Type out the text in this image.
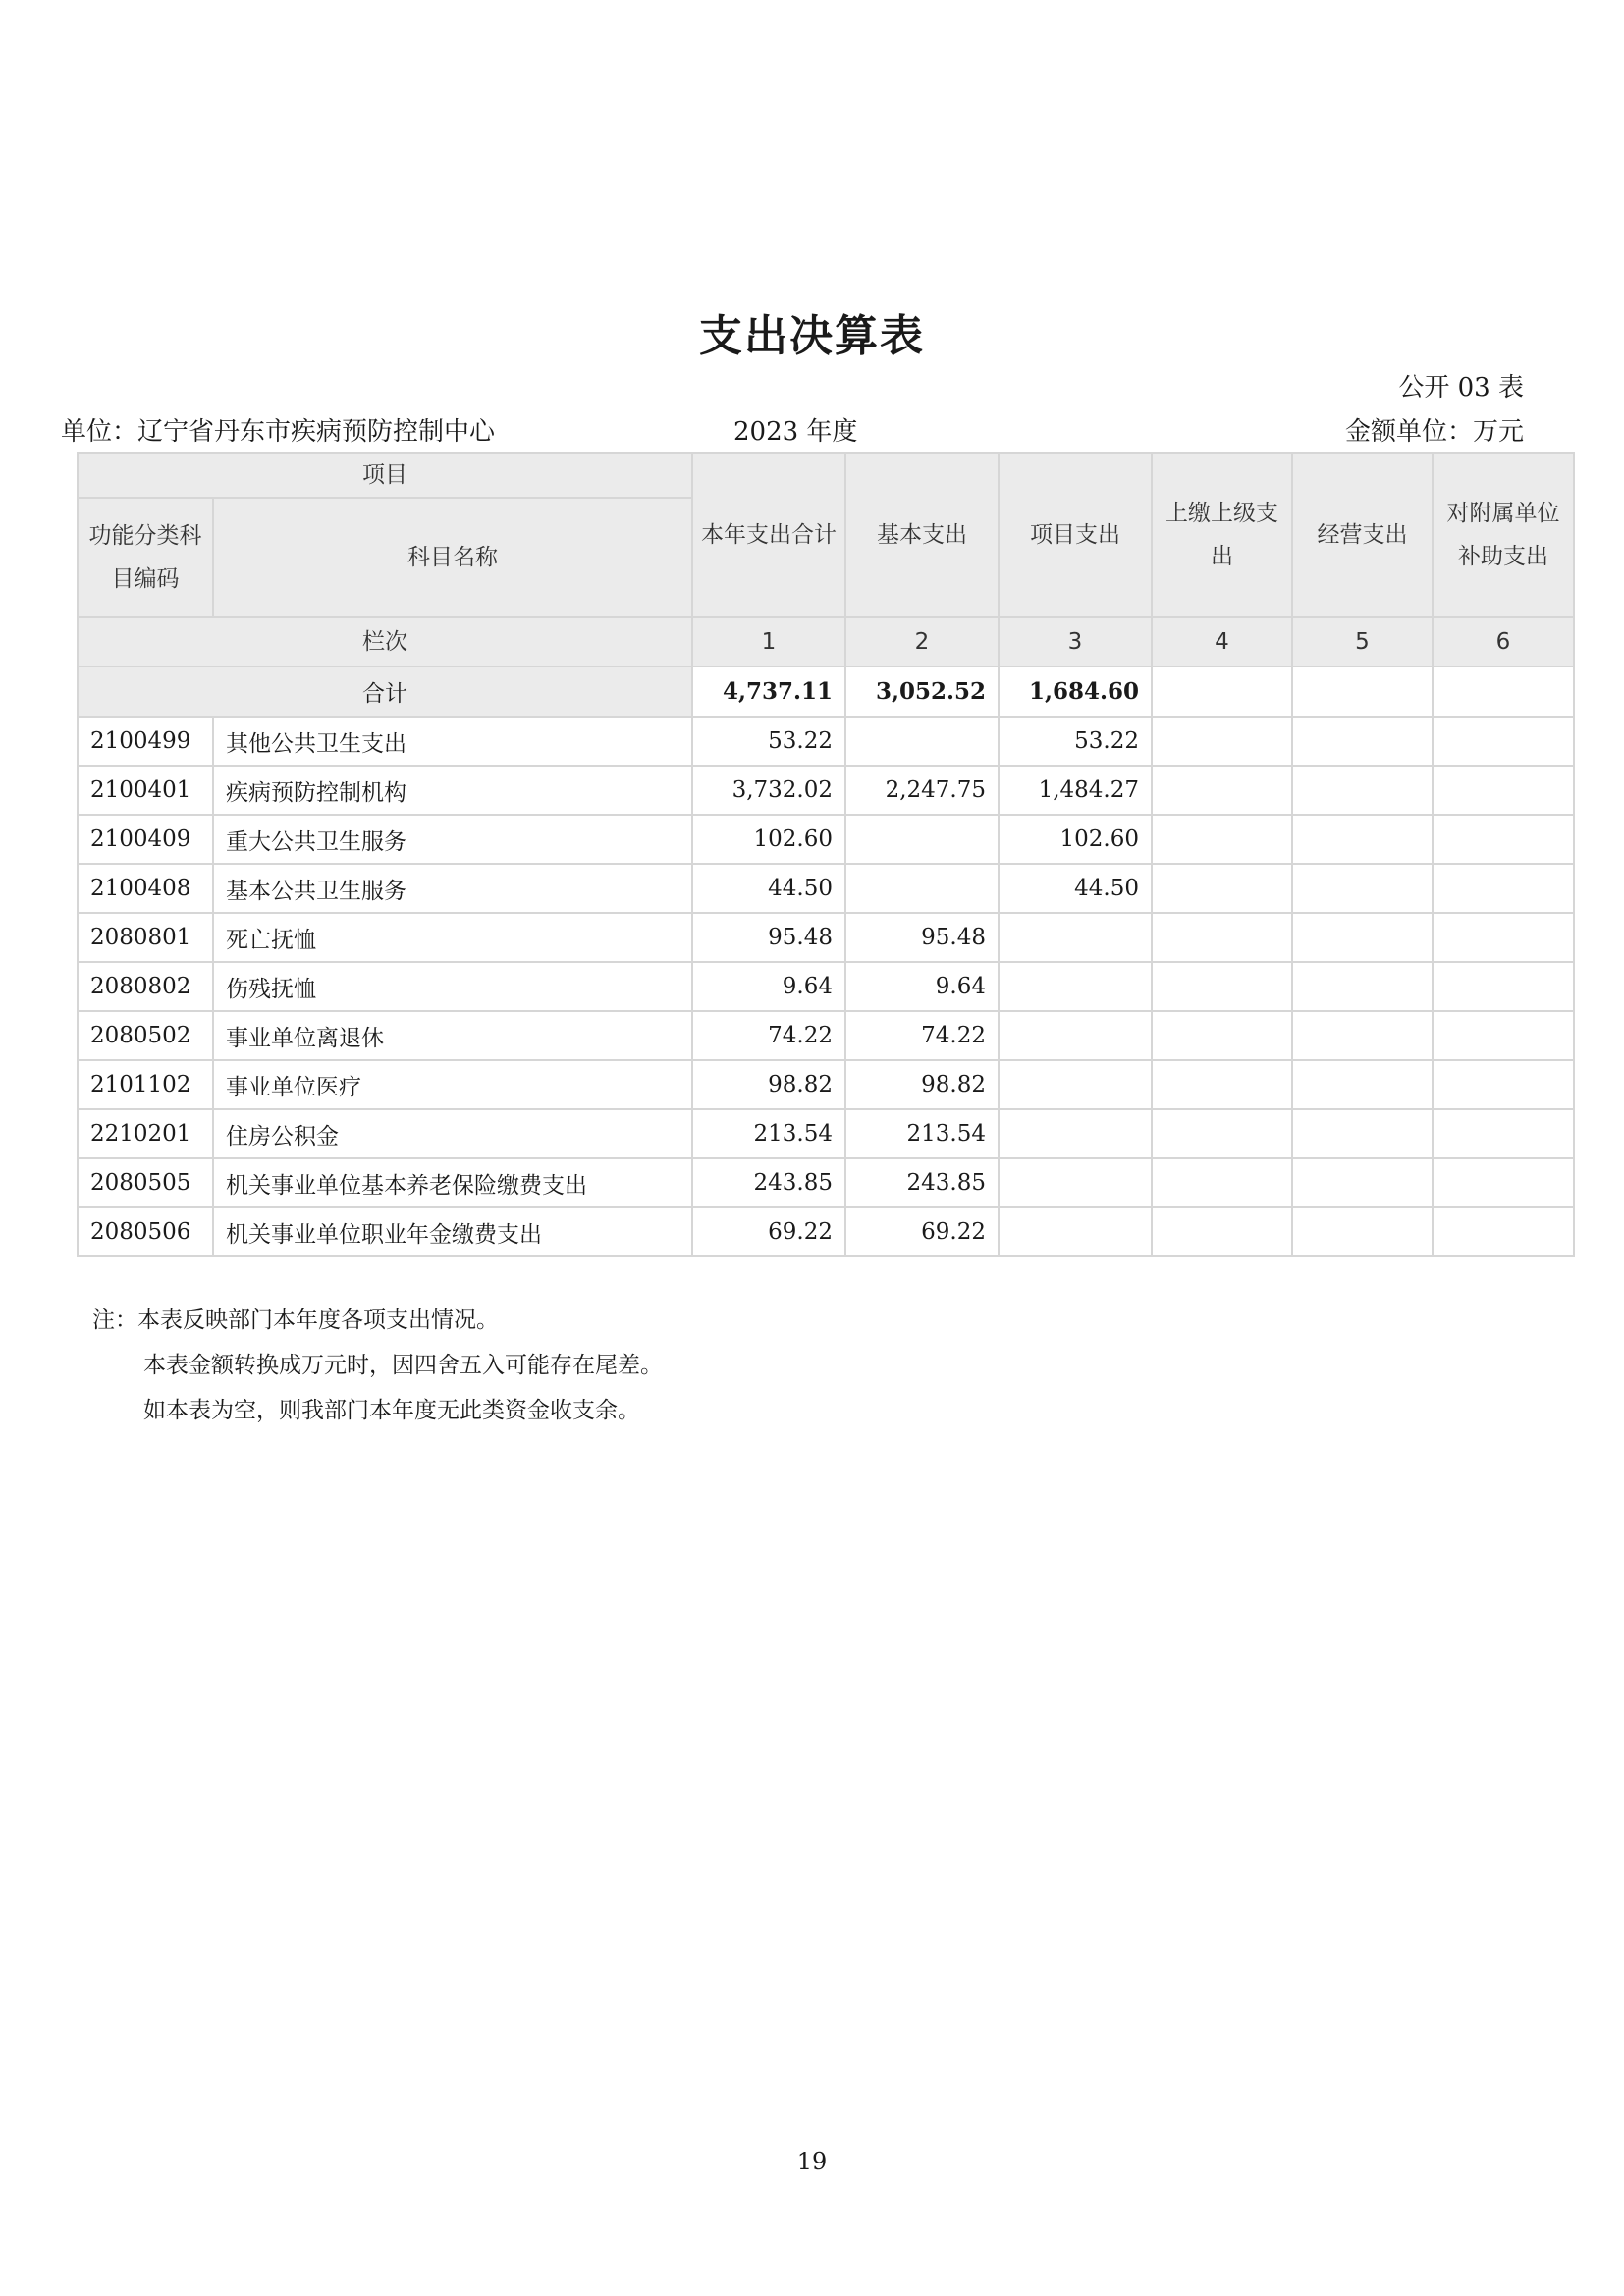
支出决算表
公开 03 表
单位：辽宁省丹东市疾病预防控制中心	2023 年度	金额单位：万元
项目		本年支出合计	基本支出	项目支出	上缴上级支出	经营支出	对附属单位补助支出
功能分类科目编码	科目名称						
栏次		1	2	3	4	5	6
合计		4,737.11	3,052.52	1,684.60			
2100499	其他公共卫生支出	53.22		53.22			
2100401	疾病预防控制机构	3,732.02	2,247.75	1,484.27			
2100409	重大公共卫生服务	102.60		102.60			
2100408	基本公共卫生服务	44.50		44.50			
2080801	死亡抚恤	95.48	95.48				
2080802	伤残抚恤	9.64	9.64				
2080502	事业单位离退休	74.22	74.22				
2101102	事业单位医疗	98.82	98.82				
2210201	住房公积金	213.54	213.54				
2080505	机关事业单位基本养老保险缴费支出	243.85	243.85				
2080506	机关事业单位职业年金缴费支出	69.22	69.22				
注：本表反映部门本年度各项支出情况。
本表金额转换成万元时，因四舍五入可能存在尾差。
如本表为空，则我部门本年度无此类资金收支余。
19
